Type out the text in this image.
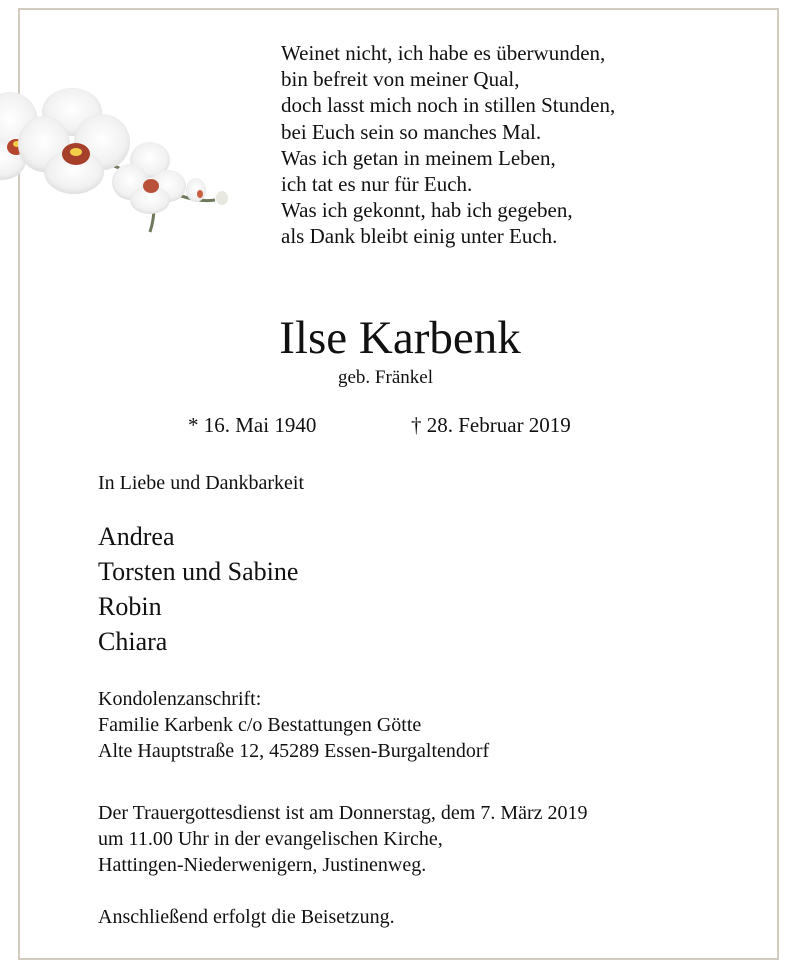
Weinet nicht, ich habe es überwunden,
bin befreit von meiner Qual,
doch lasst mich noch in stillen Stunden,
bei Euch sein so manches Mal.
Was ich getan in meinem Leben,
ich tat es nur für Euch.
Was ich gekonnt, hab ich gegeben,
als Dank bleibt einig unter Euch.
Ilse Karbenk
geb. Fränkel
* 16. Mai 1940	† 28. Februar 2019
In Liebe und Dankbarkeit
Andrea
Torsten und Sabine
Robin
Chiara
Kondolenzanschrift:
Familie Karbenk c/o Bestattungen Götte
Alte Hauptstraße 12, 45289 Essen-Burgaltendorf
Der Trauergottesdienst ist am Donnerstag, dem 7. März 2019
um 11.00 Uhr in der evangelischen Kirche,
Hattingen-Niederwenigern, Justinenweg.
Anschließend erfolgt die Beisetzung.
